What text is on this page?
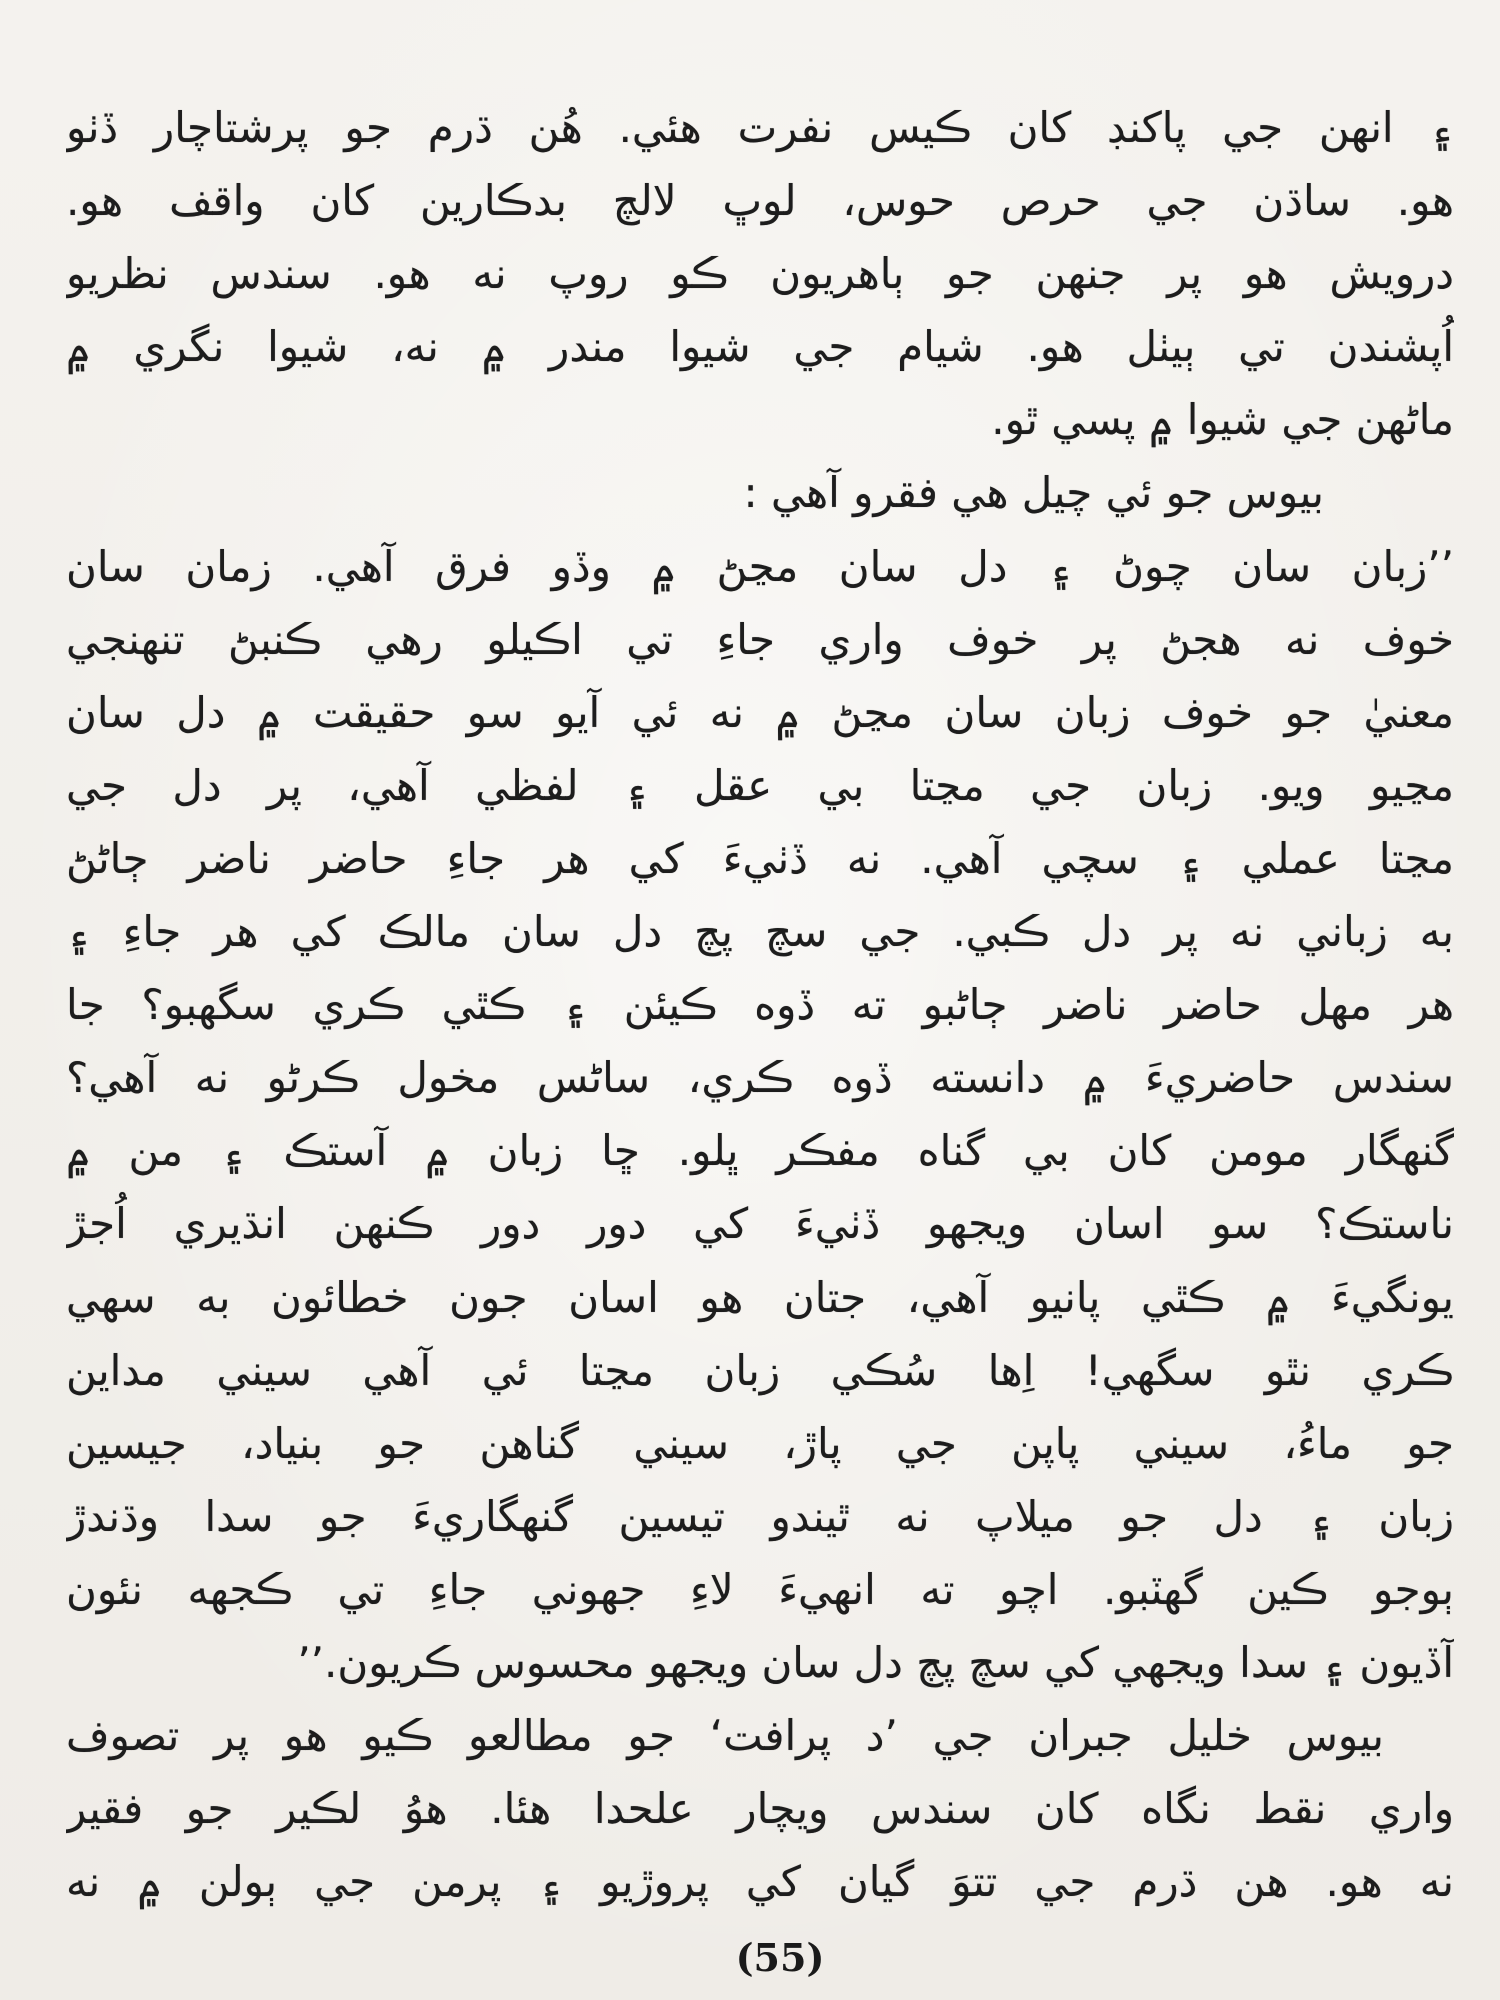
۽ انهن جي پاکنڊ کان ڪيس نفرت هئي. هُن ڌرم جو پرشتاچار ڏٺو
هو. ساڌن جي حرص حوس، لوڀ لالچ بدڪارين کان واقف هو.
درويش هو پر جنهن جو ٻاهريون ڪو روپ نه هو. سندس نظريو
اُپشندن تي ٻيٺل هو. شيام جي شيوا مندر ۾ نه، شيوا نگري ۾
ماڻهن جي شيوا ۾ پسي ٿو.
بيوس جو ئي چيل هي فقرو آهي :
’’زبان سان چوڻ ۽ دل سان مڃڻ ۾ وڏو فرق آهي. زمان سان
خوف نه هجڻ پر خوف واري جاءِ تي اڪيلو رهي ڪنبڻ تنهنجي
معنيٰ جو خوف زبان سان مڃڻ ۾ نه ئي آيو سو حقيقت ۾ دل سان
مڃيو ويو. زبان جي مڃتا بي عقل ۽ لفظي آهي، پر دل جي
مڃتا عملي ۽ سچي آهي. نه ڏٺيءَ کي هر جاءِ حاضر ناضر ڄاڻڻ
به زباني نه پر دل ڪبي. جي سچ پچ دل سان مالڪ کي هر جاءِ ۽
هر مهل حاضر ناضر ڄاڻبو ته ڏوه ڪيئن ۽ ڪٿي ڪري سگهبو؟ جا
سندس حاضريءَ ۾ دانسته ڏوه ڪري، ساڻس مخول ڪرڻو نه آهي؟
گنهگار مومن کان بي گناه مفڪر ڀلو. ڇا زبان ۾ آستڪ ۽ من ۾
ناستڪ؟ سو اسان ويجهو ڏٺيءَ کي دور دور ڪنهن انڌيري اُجڙ
يونگيءَ ۾ ڪٿي پانيو آهي، جتان هو اسان جون خطائون به سهي
ڪري نٿو سگهي! اِها سُڪي زبان مڃتا ئي آهي سيني مداين
جو ماءُ، سيني پاپن جي پاڙ، سيني گناهن جو بنياد، جيسين
زبان ۽ دل جو ميلاپ نه ٿيندو تيسين گنهگاريءَ جو سدا وڌندڙ
ٻوجو ڪين گهٽبو. اچو ته انهيءَ لاءِ جهوني جاءِ تي ڪجهه نئون
آڏيون ۽ سدا ويجهي کي سچ پچ دل سان ويجهو محسوس ڪريون.’’
بيوس خليل جبران جي ’د پرافت‘ جو مطالعو ڪيو هو پر تصوف
واري نقط نگاه کان سندس ويچار علحدا هئا. هوُ لڪير جو فقير
نه هو. هن ڌرم جي تتوَ گيان کي پروڙيو ۽ پرمن جي ٻولن ۾ نه
(55)
